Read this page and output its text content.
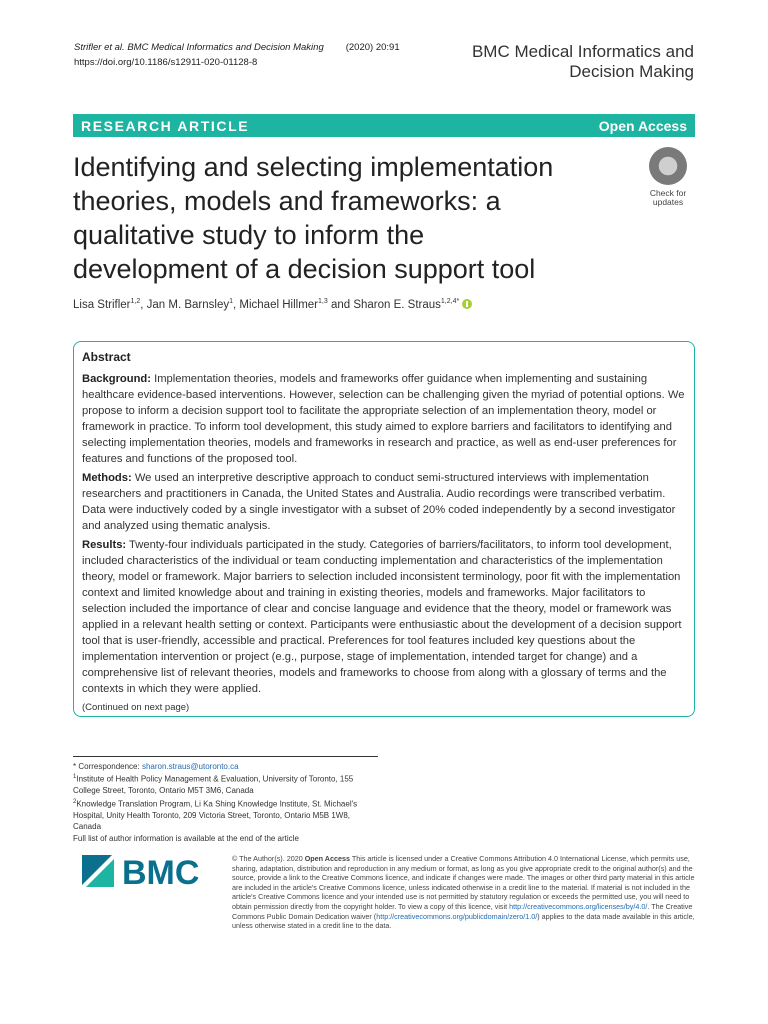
Strifler et al. BMC Medical Informatics and Decision Making (2020) 20:91
https://doi.org/10.1186/s12911-020-01128-8
BMC Medical Informatics and
Decision Making
RESEARCH ARTICLE	Open Access
Identifying and selecting implementation
theories, models and frameworks: a
qualitative study to inform the
development of a decision support tool
Check for
updates
Lisa Strifler$^{1,2}$, Jan M. Barnsley$^1$, Michael Hillmer$^{1,3}$ and Sharon E. Straus$^{1,2,4*}$
Abstract

Background: Implementation theories, models and frameworks offer guidance when implementing and sustaining healthcare evidence-based interventions. However, selection can be challenging given the myriad of potential options. We propose to inform a decision support tool to facilitate the appropriate selection of an implementation theory, model or framework in practice. To inform tool development, this study aimed to explore barriers and facilitators to identifying and selecting implementation theories, models and frameworks in research and practice, as well as end-user preferences for features and functions of the proposed tool.

Methods: We used an interpretive descriptive approach to conduct semi-structured interviews with implementation researchers and practitioners in Canada, the United States and Australia. Audio recordings were transcribed verbatim. Data were inductively coded by a single investigator with a subset of 20% coded independently by a second investigator and analyzed using thematic analysis.

Results: Twenty-four individuals participated in the study. Categories of barriers/facilitators, to inform tool development, included characteristics of the individual or team conducting implementation and characteristics of the implementation theory, model or framework. Major barriers to selection included inconsistent terminology, poor fit with the implementation context and limited knowledge about and training in existing theories, models and frameworks. Major facilitators to selection included the importance of clear and concise language and evidence that the theory, model or framework was applied in a relevant health setting or context. Participants were enthusiastic about the development of a decision support tool that is user-friendly, accessible and practical. Preferences for tool features included key questions about the implementation intervention or project (e.g., purpose, stage of implementation, intended target for change) and a comprehensive list of relevant theories, models and frameworks to choose from along with a glossary of terms and the contexts in which they were applied.

(Continued on next page)

* Correspondence: sharon.straus@utoronto.ca
$^1$Institute of Health Policy Management & Evaluation, University of Toronto, 155 College Street, Toronto, Ontario M5T 3M6, Canada
$^2$Knowledge Translation Program, Li Ka Shing Knowledge Institute, St. Michael's Hospital, Unity Health Toronto, 209 Victoria Street, Toronto, Ontario M5B 1W8, Canada
Full list of author information is available at the end of the article
BMC	© The Author(s). 2020 Open Access This article is licensed under a Creative Commons Attribution 4.0 International License, which permits use, sharing, adaptation, distribution and reproduction in any medium or format, as long as you give appropriate credit to the original author(s) and the source, provide a link to the Creative Commons licence, and indicate if changes were made. The images or other third party material in this article are included in the article's Creative Commons licence, unless indicated otherwise in a credit line to the material. If material is not included in the article's Creative Commons licence and your intended use is not permitted by statutory regulation or exceeds the permitted use, you will need to obtain permission directly from the copyright holder. To view a copy of this licence, visit http://creativecommons.org/licenses/by/4.0/. The Creative Commons Public Domain Dedication waiver (http://creativecommons.org/publicdomain/zero/1.0/) applies to the data made available in this article, unless otherwise stated in a credit line to the data.
